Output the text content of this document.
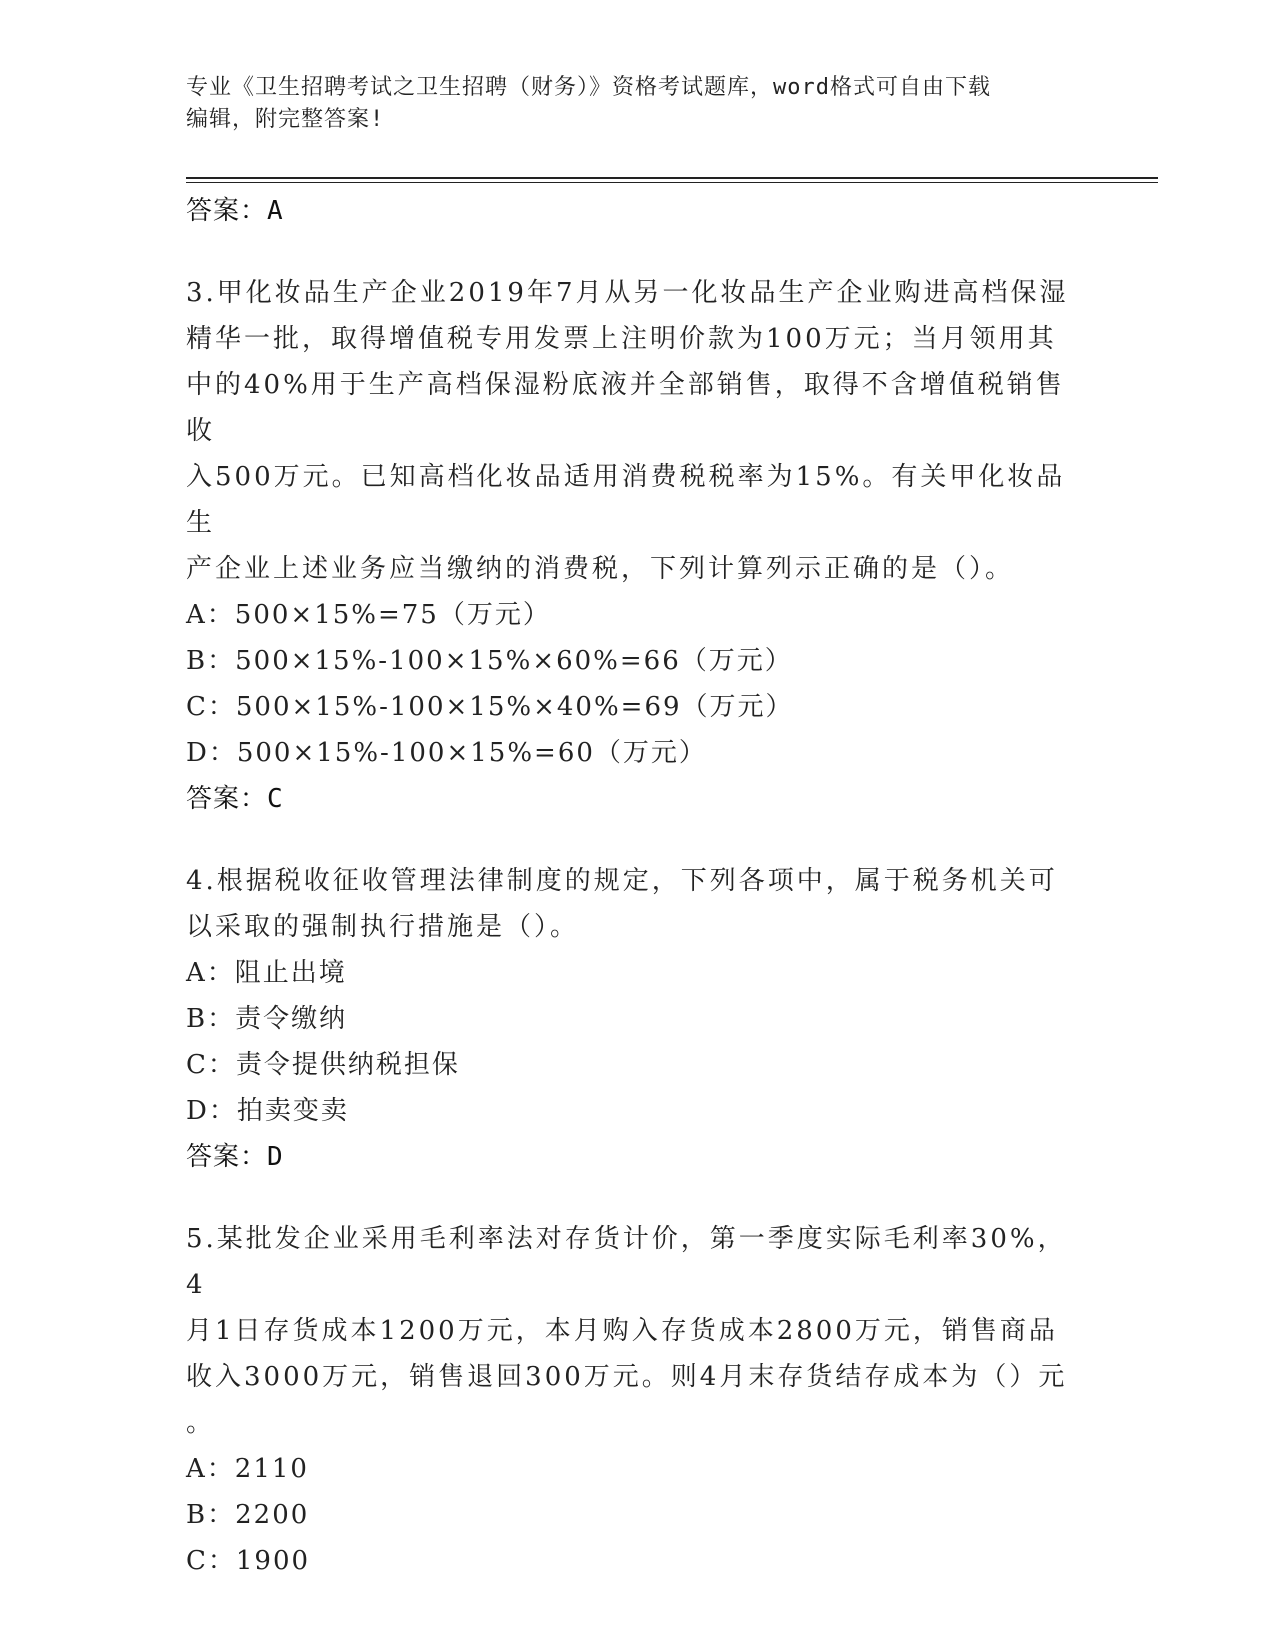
专业《卫生招聘考试之卫生招聘（财务）》资格考试题库，word格式可自由下载
编辑，附完整答案!

答案：A

3.甲化妆品生产企业2019年7月从另一化妆品生产企业购进高档保湿

精华一批，取得增值税专用发票上注明价款为100万元；当月领用其

中的40%用于生产高档保湿粉底液并全部销售，取得不含增值税销售收

入500万元。已知高档化妆品适用消费税税率为15%。有关甲化妆品生

产企业上述业务应当缴纳的消费税，下列计算列示正确的是（）。

A：500×15%=75（万元）

B：500×15%-100×15%×60%=66（万元）

C：500×15%-100×15%×40%=69（万元）

D：500×15%-100×15%=60（万元）

答案：C

4.根据税收征收管理法律制度的规定，下列各项中，属于税务机关可

以采取的强制执行措施是（）。

A：阻止出境

B：责令缴纳

C：责令提供纳税担保

D：拍卖变卖

答案：D

5.某批发企业采用毛利率法对存货计价，第一季度实际毛利率30%，4

月1日存货成本1200万元，本月购入存货成本2800万元，销售商品

收入3000万元，销售退回300万元。则4月末存货结存成本为（）元

。

A：2110

B：2200

C：1900
